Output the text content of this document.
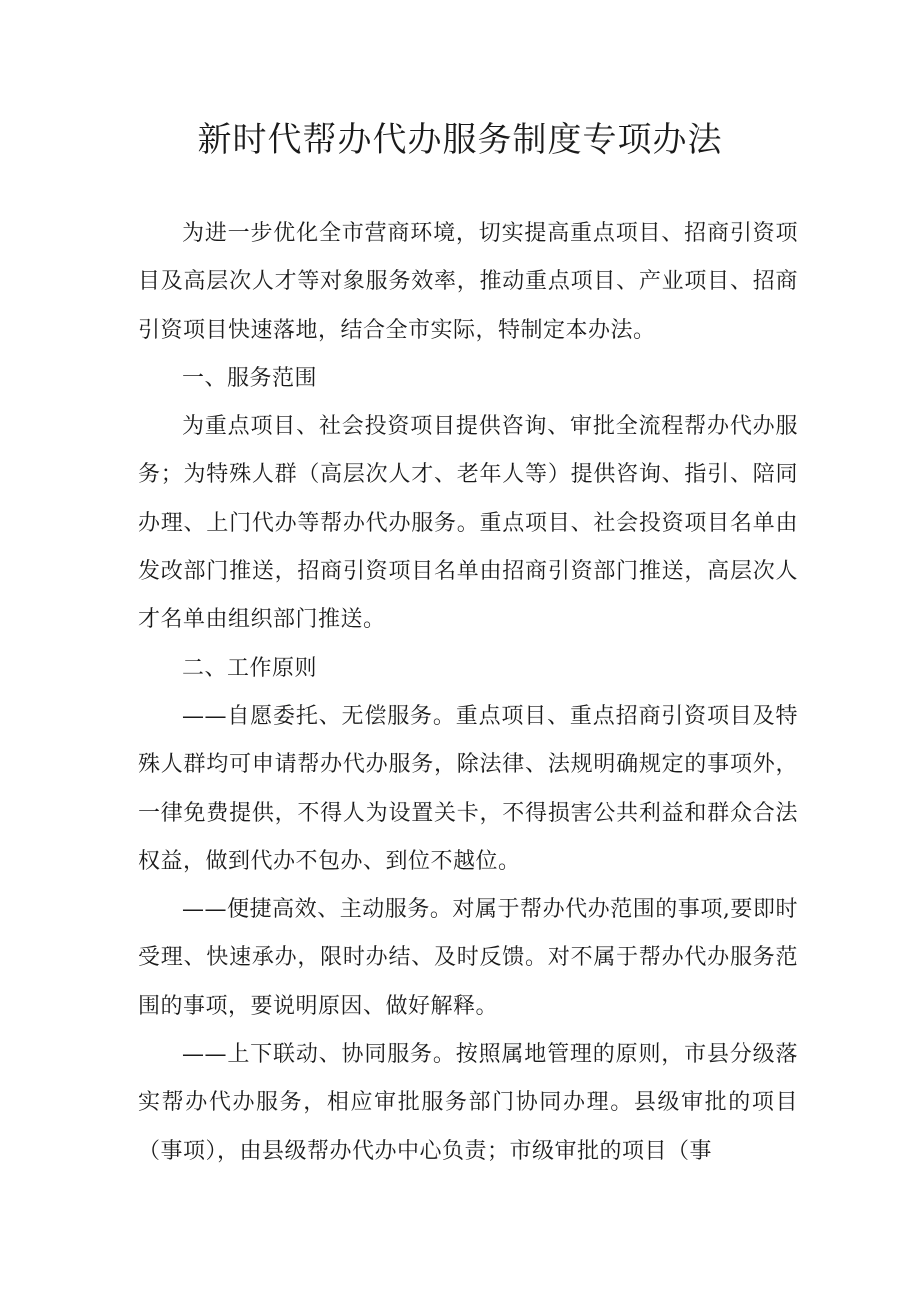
新时代帮办代办服务制度专项办法

为进一步优化全市营商环境，切实提高重点项目、招商引资项目及高层次人才等对象服务效率，推动重点项目、产业项目、招商引资项目快速落地，结合全市实际，特制定本办法。

一、服务范围

为重点项目、社会投资项目提供咨询、审批全流程帮办代办服务；为特殊人群（高层次人才、老年人等）提供咨询、指引、陪同办理、上门代办等帮办代办服务。重点项目、社会投资项目名单由发改部门推送，招商引资项目名单由招商引资部门推送，高层次人才名单由组织部门推送。

二、工作原则

——自愿委托、无偿服务。重点项目、重点招商引资项目及特殊人群均可申请帮办代办服务，除法律、法规明确规定的事项外，一律免费提供，不得人为设置关卡，不得损害公共利益和群众合法权益，做到代办不包办、到位不越位。

——便捷高效、主动服务。对属于帮办代办范围的事项,要即时受理、快速承办，限时办结、及时反馈。对不属于帮办代办服务范围的事项，要说明原因、做好解释。

——上下联动、协同服务。按照属地管理的原则，市县分级落实帮办代办服务，相应审批服务部门协同办理。县级审批的项目（事项），由县级帮办代办中心负责；市级审批的项目（事
